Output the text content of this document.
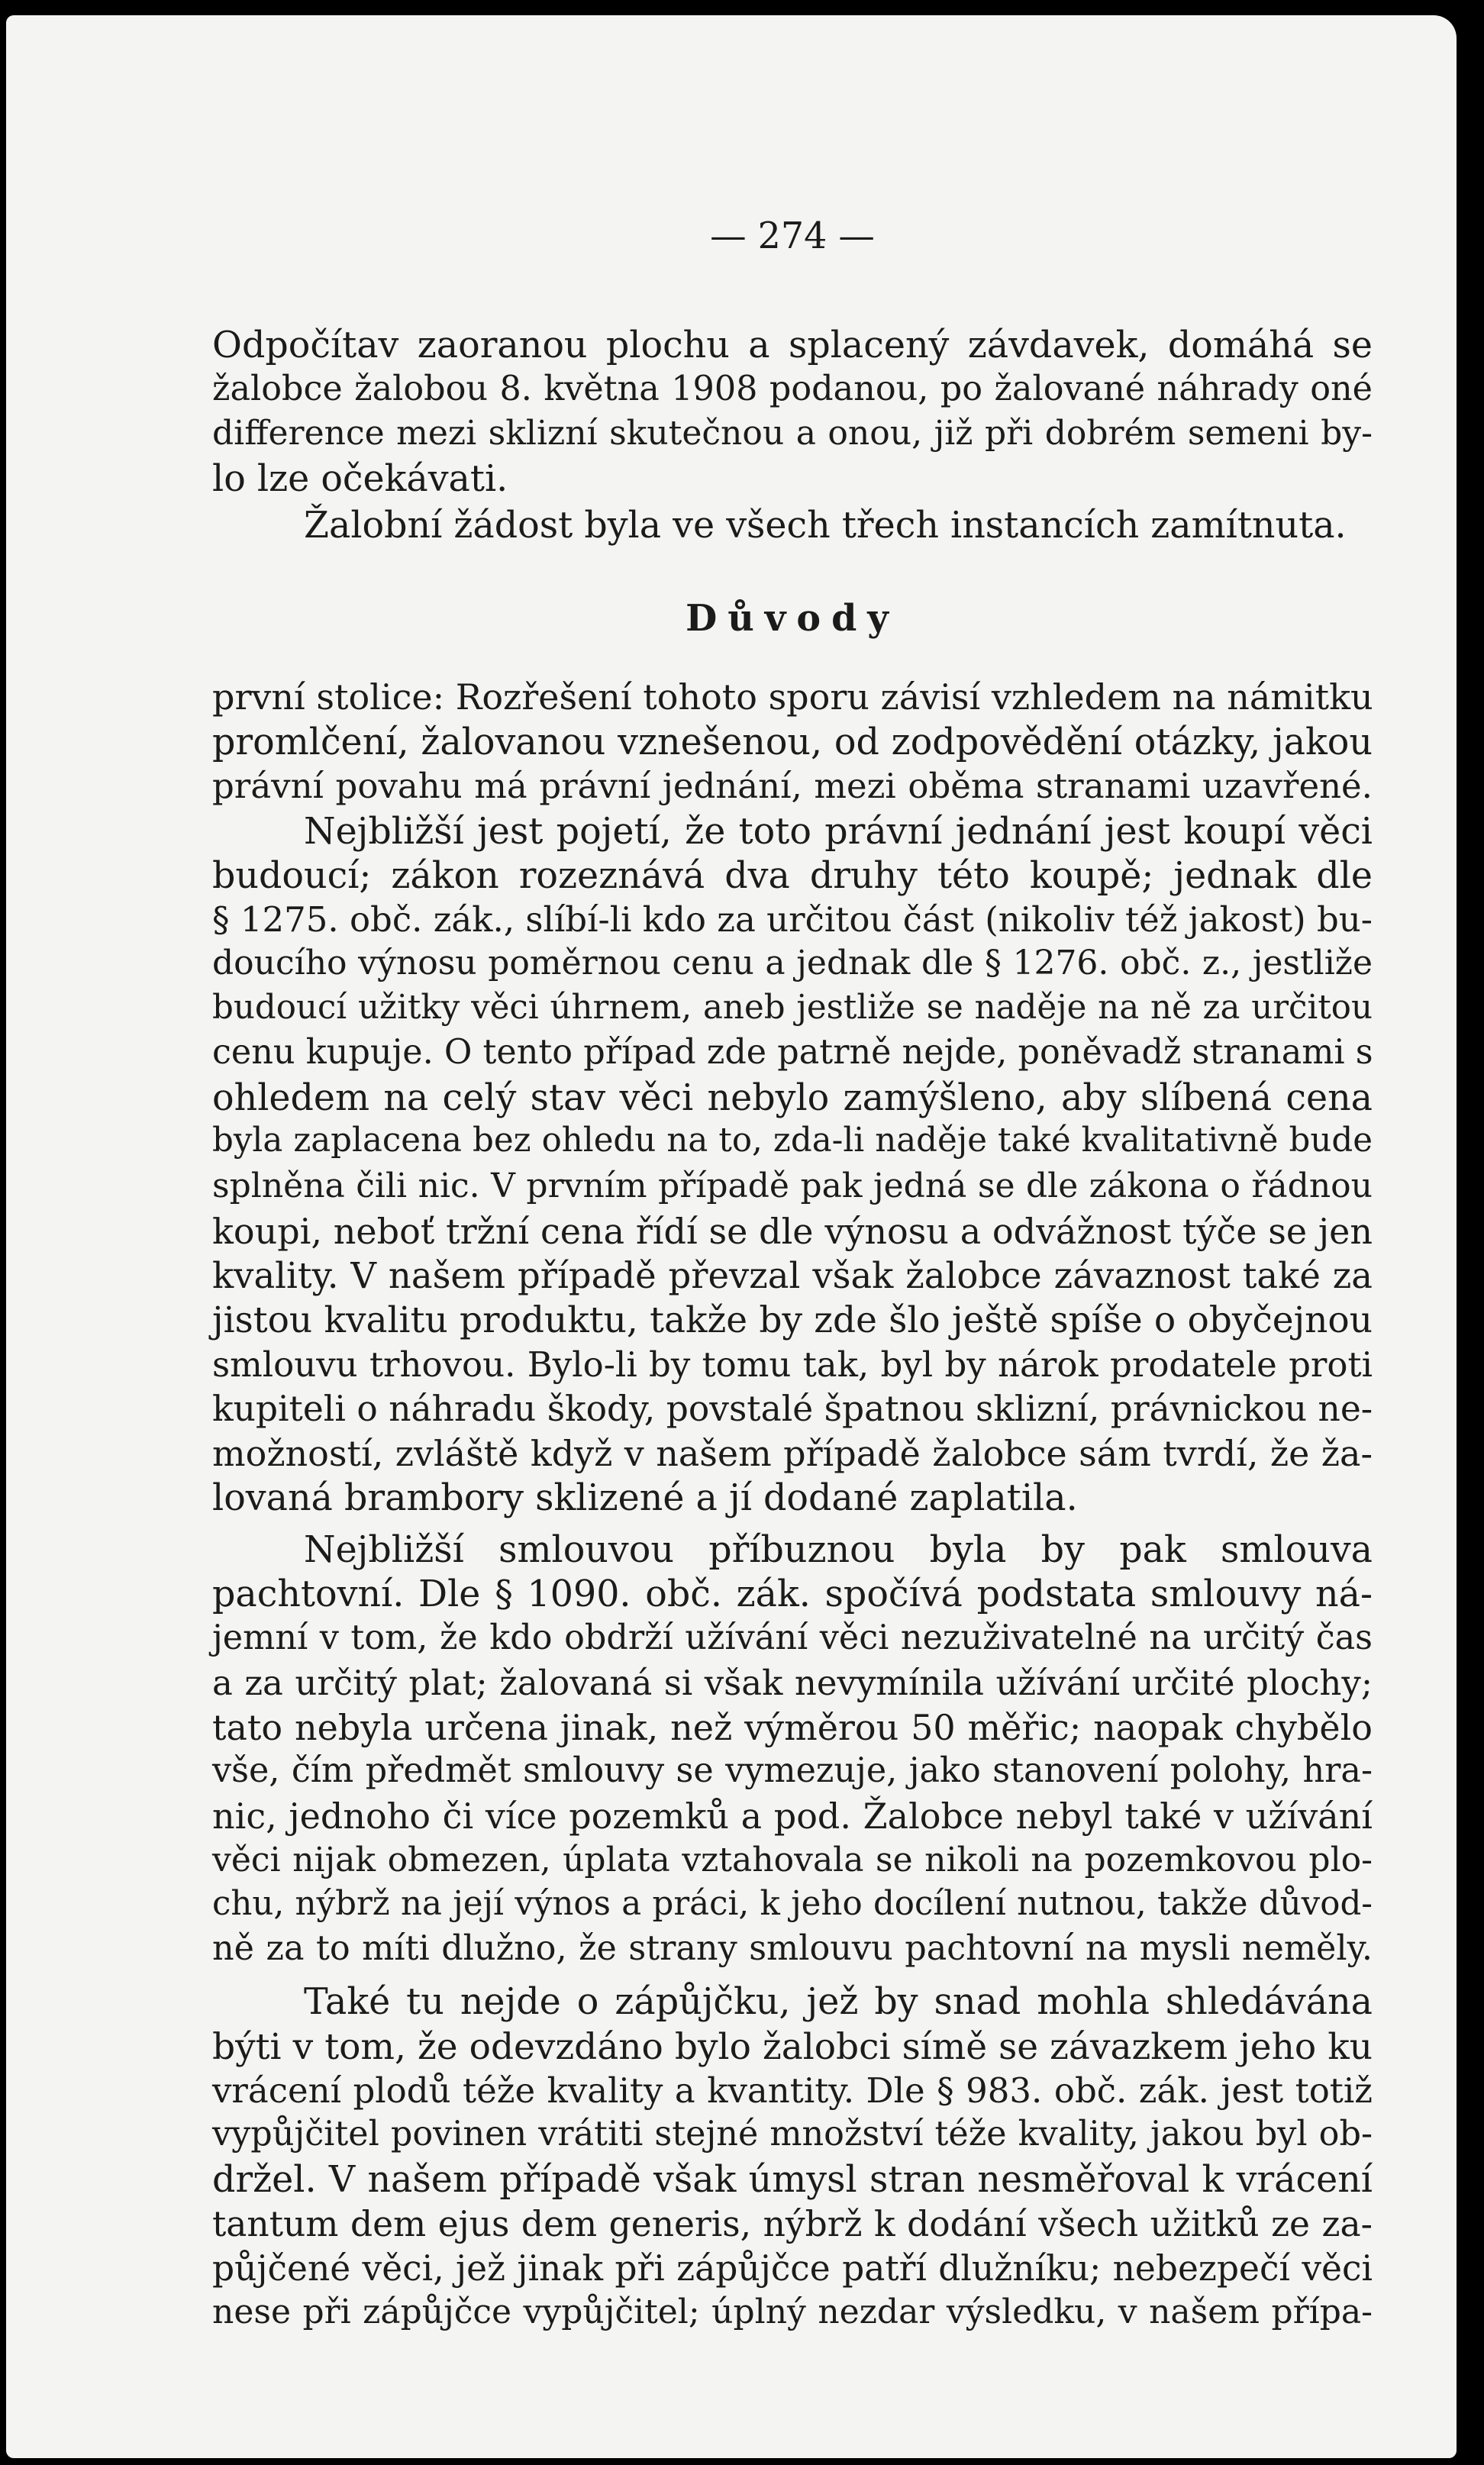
— 274 —
Odpočítav zaoranou plochu a splacený závdavek, domáhá se
žalobce žalobou 8. května 1908 podanou, po žalované náhrady oné
difference mezi sklizní skutečnou a onou, již při dobrém semeni by-
lo lze očekávati.
Žalobní žádost byla ve všech třech instancích zamítnuta.
Důvody
první stolice: Rozřešení tohoto sporu závisí vzhledem na námitku
promlčení, žalovanou vznešenou, od zodpovědění otázky, jakou
právní povahu má právní jednání, mezi oběma stranami uzavřené.
Nejbližší jest pojetí, že toto právní jednání jest koupí věci
budoucí; zákon rozeznává dva druhy této koupě; jednak dle
§ 1275. obč. zák., slíbí-li kdo za určitou část (nikoliv též jakost) bu-
doucího výnosu poměrnou cenu a jednak dle § 1276. obč. z., jestliže
budoucí užitky věci úhrnem, aneb jestliže se naděje na ně za určitou
cenu kupuje. O tento případ zde patrně nejde, poněvadž stranami s
ohledem na celý stav věci nebylo zamýšleno, aby slíbená cena
byla zaplacena bez ohledu na to, zda-li naděje také kvalitativně bude
splněna čili nic. V prvním případě pak jedná se dle zákona o řádnou
koupi, neboť tržní cena řídí se dle výnosu a odvážnost týče se jen
kvality. V našem případě převzal však žalobce závaznost také za
jistou kvalitu produktu, takže by zde šlo ještě spíše o obyčejnou
smlouvu trhovou. Bylo-li by tomu tak, byl by nárok prodatele proti
kupiteli o náhradu škody, povstalé špatnou sklizní, právnickou ne-
možností, zvláště když v našem případě žalobce sám tvrdí, že ža-
lovaná brambory sklizené a jí dodané zaplatila.
Nejbližší smlouvou příbuznou byla by pak smlouva
pachtovní. Dle § 1090. obč. zák. spočívá podstata smlouvy ná-
jemní v tom, že kdo obdrží užívání věci nezuživatelné na určitý čas
a za určitý plat; žalovaná si však nevymínila užívání určité plochy;
tato nebyla určena jinak, než výměrou 50 měřic; naopak chybělo
vše, čím předmět smlouvy se vymezuje, jako stanovení polohy, hra-
nic, jednoho či více pozemků a pod. Žalobce nebyl také v užívání
věci nijak obmezen, úplata vztahovala se nikoli na pozemkovou plo-
chu, nýbrž na její výnos a práci, k jeho docílení nutnou, takže důvod-
ně za to míti dlužno, že strany smlouvu pachtovní na mysli neměly.
Také tu nejde o zápůjčku, jež by snad mohla shledávána
býti v tom, že odevzdáno bylo žalobci símě se závazkem jeho ku
vrácení plodů téže kvality a kvantity. Dle § 983. obč. zák. jest totiž
vypůjčitel povinen vrátiti stejné množství téže kvality, jakou byl ob-
držel. V našem případě však úmysl stran nesměřoval k vrácení
tantum dem ejus dem generis, nýbrž k dodání všech užitků ze za-
půjčené věci, jež jinak při zápůjčce patří dlužníku; nebezpečí věci
nese při zápůjčce vypůjčitel; úplný nezdar výsledku, v našem přípa-
